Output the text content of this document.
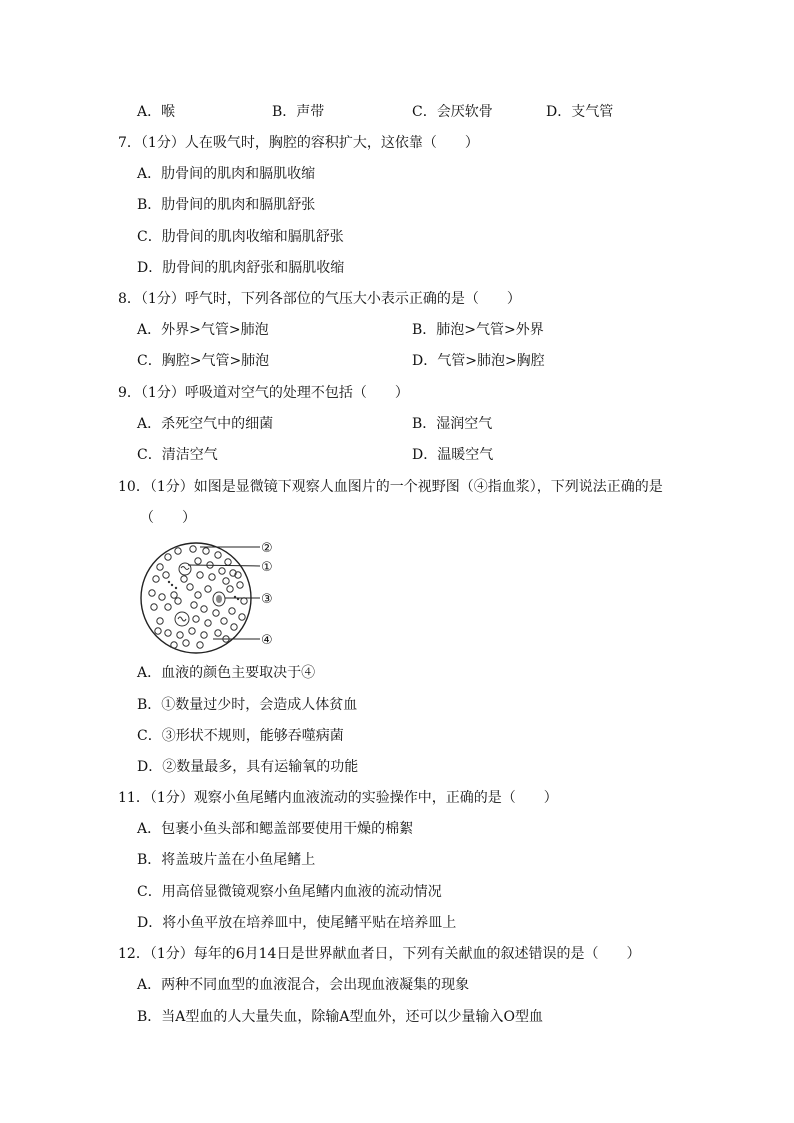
A．喉	B．声带	C．会厌软骨	D．支气管
7．（1分）人在吸气时，胸腔的容积扩大，这依靠（　　）
A．肋骨间的肌肉和膈肌收缩
B．肋骨间的肌肉和膈肌舒张
C．肋骨间的肌肉收缩和膈肌舒张
D．肋骨间的肌肉舒张和膈肌收缩
8．（1分）呼气时，下列各部位的气压大小表示正确的是（　　）
A．外界>气管>肺泡	B．肺泡>气管>外界
C．胸腔>气管>肺泡	D．气管>肺泡>胸腔
9．（1分）呼吸道对空气的处理不包括（　　）
A．杀死空气中的细菌	B．湿润空气
C．清洁空气	D．温暖空气
10．（1分）如图是显微镜下观察人血图片的一个视野图（④指血浆），下列说法正确的是
（　　）
②
①
③
④
A．血液的颜色主要取决于④
B．①数量过少时，会造成人体贫血
C．③形状不规则，能够吞噬病菌
D．②数量最多，具有运输氧的功能
11．（1分）观察小鱼尾鳍内血液流动的实验操作中，正确的是（　　）
A．包裹小鱼头部和鳃盖部要使用干燥的棉絮
B．将盖玻片盖在小鱼尾鳍上
C．用高倍显微镜观察小鱼尾鳍内血液的流动情况
D．将小鱼平放在培养皿中，使尾鳍平贴在培养皿上
12．（1分）每年的6月14日是世界献血者日，下列有关献血的叙述错误的是（　　）
A．两种不同血型的血液混合，会出现血液凝集的现象
B．当A型血的人大量失血，除输A型血外，还可以少量输入O型血
